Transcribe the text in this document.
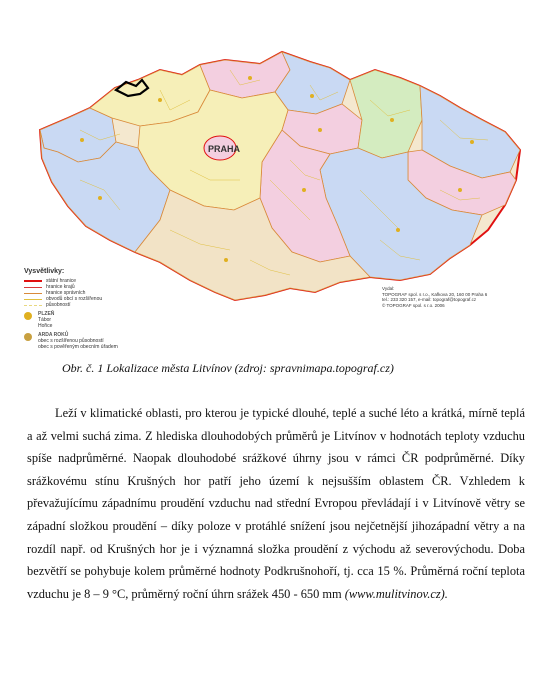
PRAHA
Vysvětlivky:
státní hranice
hranice krajů
hranice správních
obvodů obcí s rozšířenou
působností
PLZEŇ
Tábor
Hořice
ARDA ROKŮ
obec s rozšířenou působností
obec s pověřeným obecním úřadem
Vydal:
TOPOGRAF spol. s r.o., Kafkova 20, 160 00 Praha 6
tel.: 233 320 157, e-mail: topograf@topograf.cz
© TOPOGRAF spol. s r.o. 2006
Obr. č. 1 Lokalizace města Litvínov (zdroj: spravnimapa.topograf.cz)

Leží v klimatické oblasti, pro kterou je typické dlouhé, teplé a suché léto a krátká, mírně teplá a až velmi suchá zima. Z hlediska dlouhodobých průměrů je Litvínov v hodnotách teploty vzduchu spíše nadprůměrné. Naopak dlouhodobé srážkové úhrny jsou v rámci ČR podprůměrné. Díky srážkovému stínu Krušných hor patří jeho území k nejsušším oblastem ČR. Vzhledem k převažujícímu západnímu proudění vzduchu nad střední Evropou převládají i v Litvínově větry se západní složkou proudění – díky poloze v protáhlé snížení jsou nejčetnější jihozápadní větry a na rozdíl např. od Krušných hor je i významná složka proudění z východu až severovýchodu. Doba bezvětří se pohybuje kolem průměrné hodnoty Podkrušnohoří, tj. cca 15 %. Průměrná roční teplota vzduchu je 8 – 9 °C, průměrný roční úhrn srážek 450 - 650 mm (www.mulitvinov.cz).
